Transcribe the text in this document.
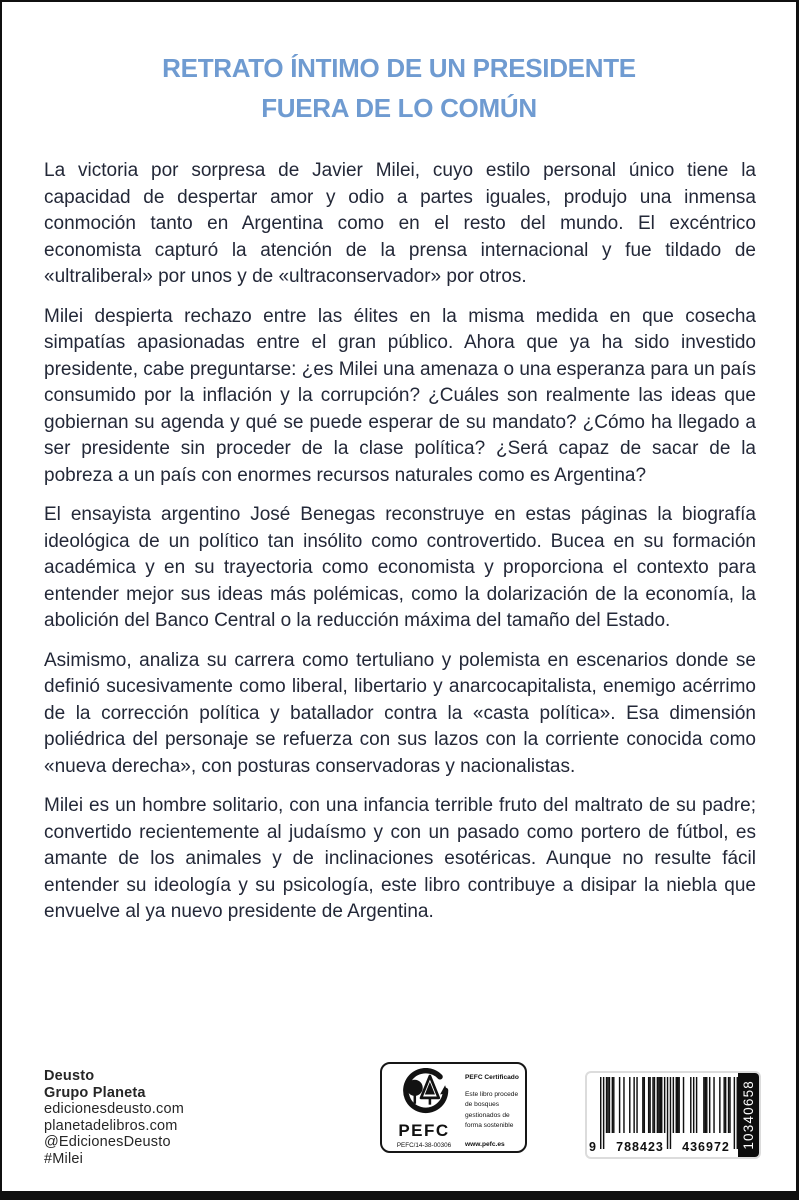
RETRATO ÍNTIMO DE UN PRESIDENTE
FUERA DE LO COMÚN

La victoria por sorpresa de Javier Milei, cuyo estilo personal único tiene la capacidad de despertar amor y odio a partes iguales, produjo una inmensa conmoción tanto en Argentina como en el resto del mundo. El excéntrico economista capturó la atención de la prensa internacional y fue tildado de «ultraliberal» por unos y de «ultraconservador» por otros.

Milei despierta rechazo entre las élites en la misma medida en que cosecha simpatías apasionadas entre el gran público. Ahora que ya ha sido investido presidente, cabe preguntarse: ¿es Milei una amenaza o una esperanza para un país consumido por la inflación y la corrupción? ¿Cuáles son realmente las ideas que gobiernan su agenda y qué se puede esperar de su mandato? ¿Cómo ha llegado a ser presidente sin proceder de la clase política? ¿Será capaz de sacar de la pobreza a un país con enormes recursos naturales como es Argentina?

El ensayista argentino José Benegas reconstruye en estas páginas la biografía ideológica de un político tan insólito como controvertido. Bucea en su formación académica y en su trayectoria como economista y proporciona el contexto para entender mejor sus ideas más polémicas, como la dolarización de la economía, la abolición del Banco Central o la reducción máxima del tamaño del Estado.

Asimismo, analiza su carrera como tertuliano y polemista en escenarios donde se definió sucesivamente como liberal, libertario y anarcocapitalista, enemigo acérrimo de la corrección política y batallador contra la «casta política». Esa dimensión poliédrica del personaje se refuerza con sus lazos con la corriente conocida como «nueva derecha», con posturas conservadoras y nacionalistas.

Milei es un hombre solitario, con una infancia terrible fruto del maltrato de su padre; convertido recientemente al judaísmo y con un pasado como portero de fútbol, es amante de los animales y de inclinaciones esotéricas. Aunque no resulte fácil entender su ideología y su psicología, este libro contribuye a disipar la niebla que envuelve al ya nuevo presidente de Argentina.

Deusto
Grupo Planeta
edicionesdeusto.com
planetadelibros.com
@EdicionesDeusto
#Milei
PEFC
PEFC/14-38-00306
PEFC Certificado
Este libro procede de bosques gestionados de forma sostenible
www.pefc.es	9	788423	436972 10340658
